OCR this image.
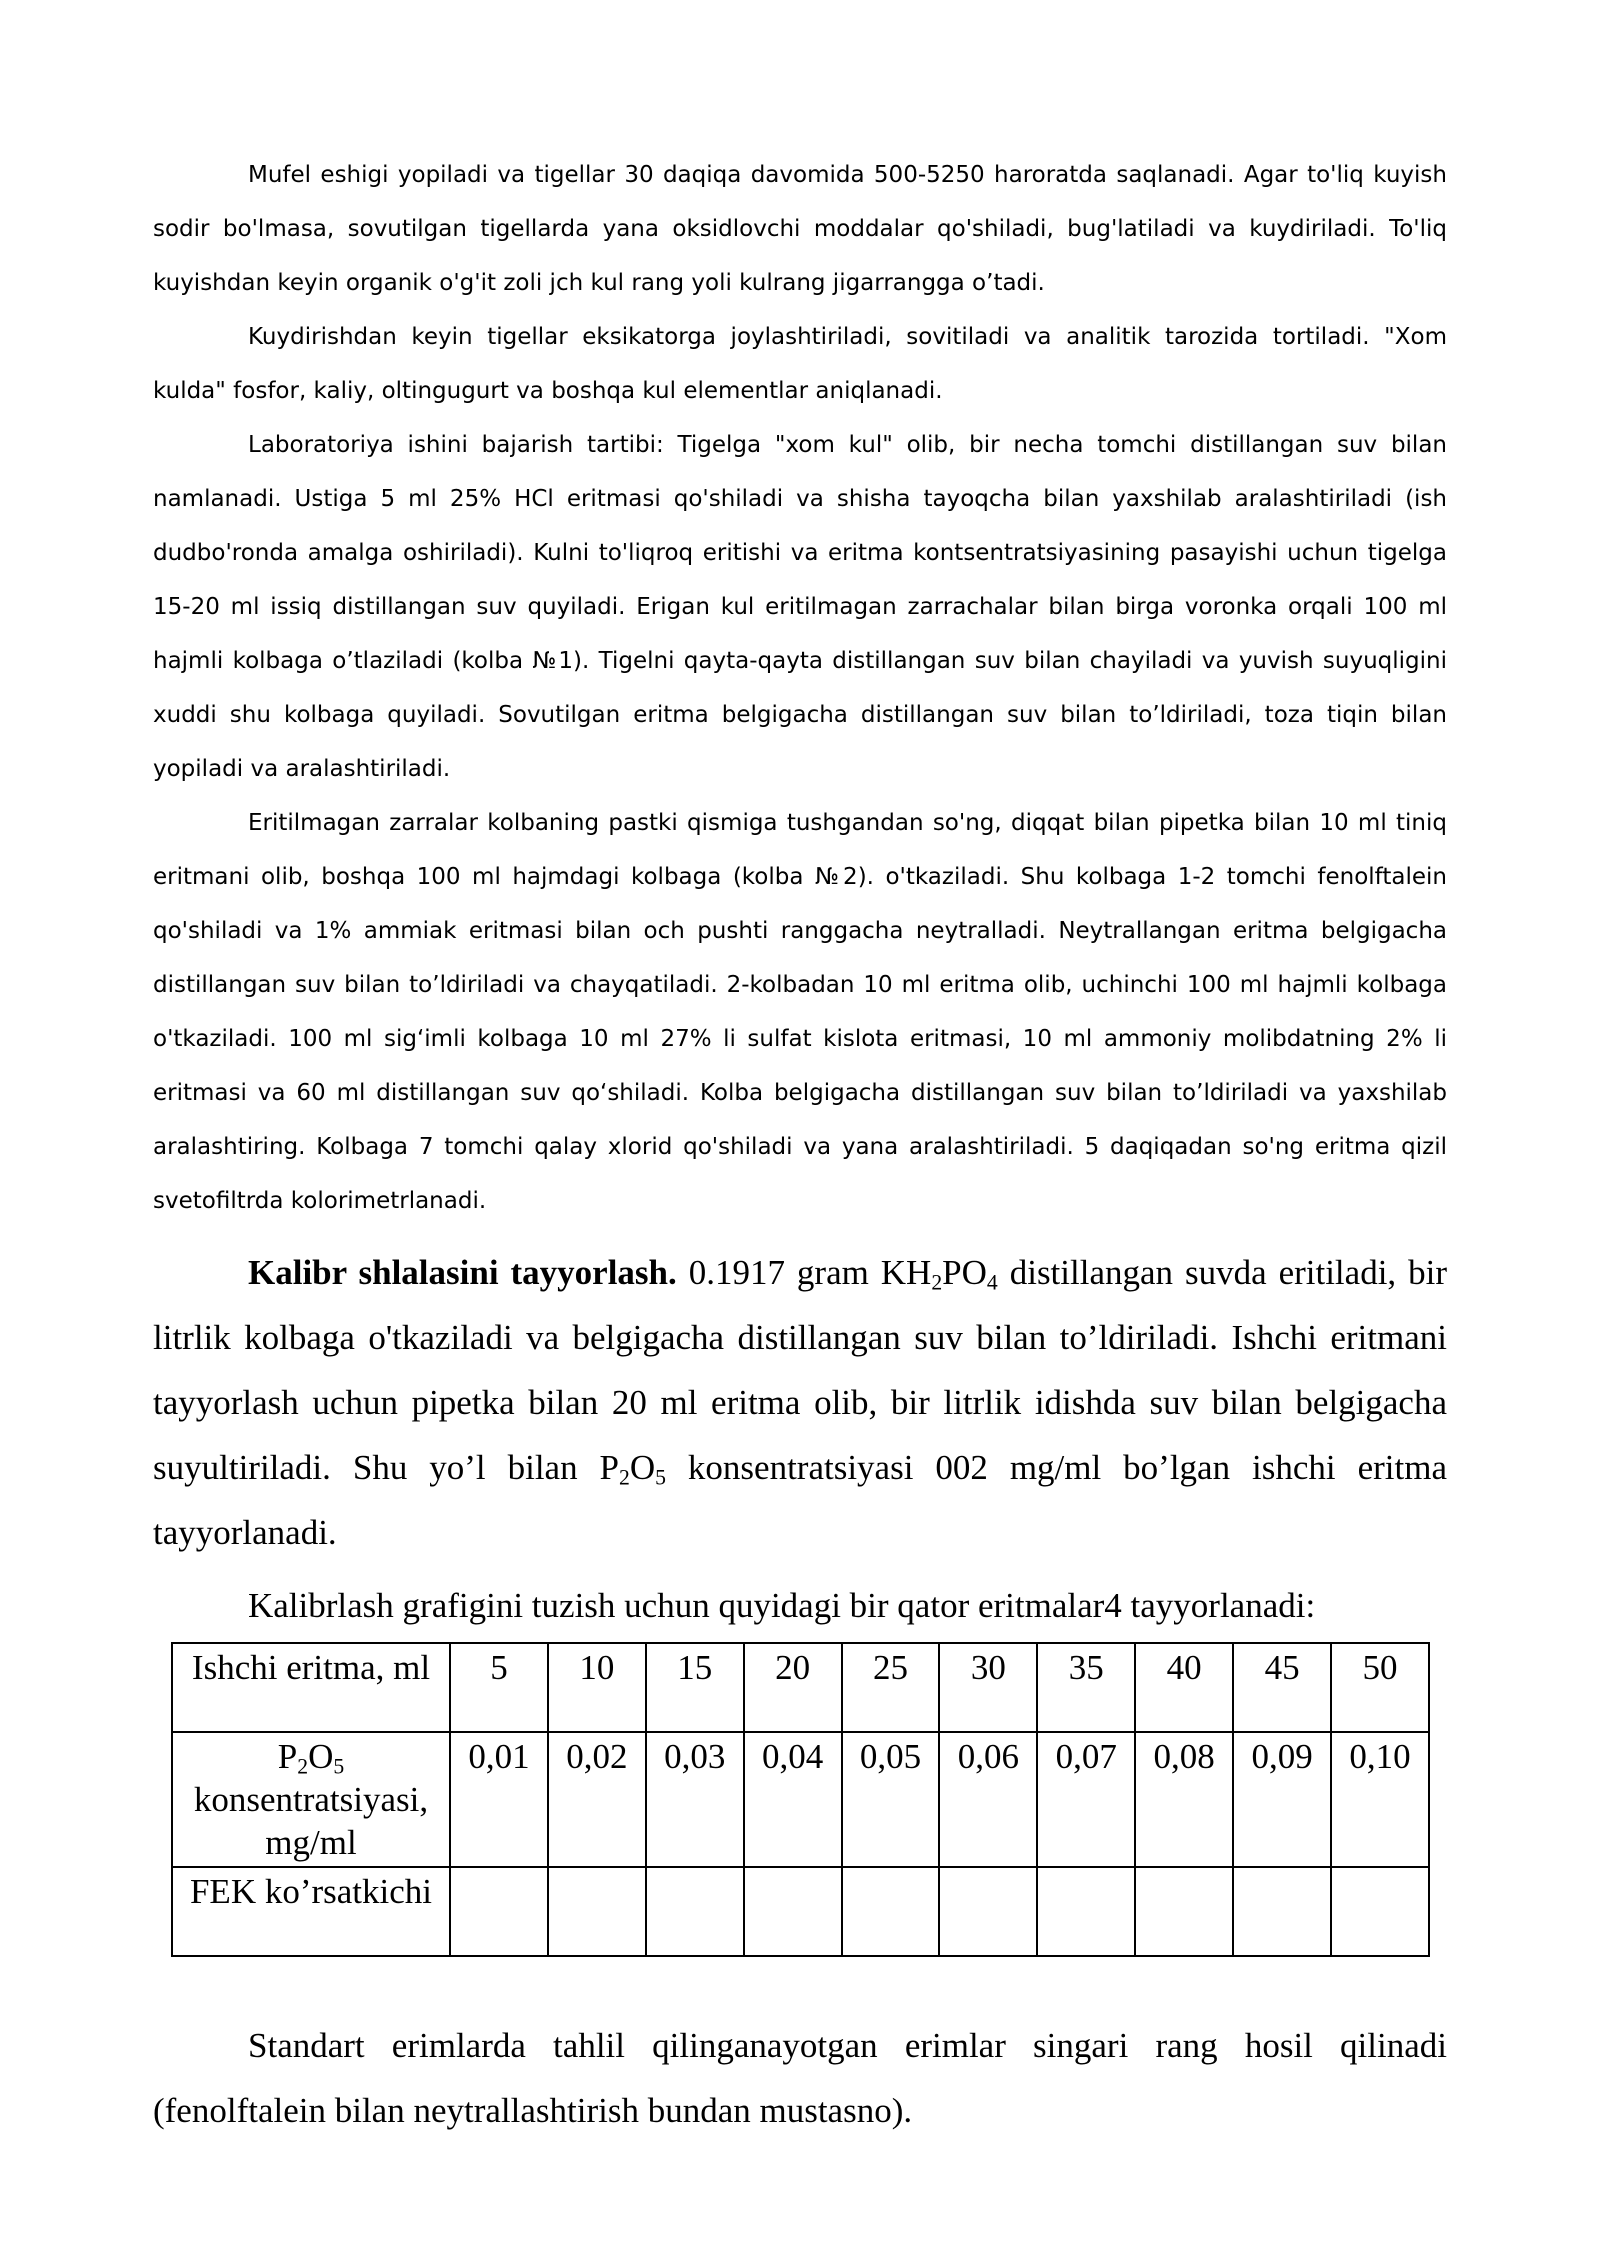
Mufel eshigi yopiladi va tigellar 30 daqiqa davomida 500-5250 haroratda saqlanadi. Agar to'liq kuyish sodir bo'lmasa, sovutilgan tigellarda yana oksidlovchi moddalar qo'shiladi, bug'latiladi va kuydiriladi. To'liq kuyishdan keyin organik o'g'it zoli jch kul rang yoli kulrang jigarrangga o’tadi.

Kuydirishdan keyin tigellar eksikatorga joylashtiriladi, sovitiladi va analitik tarozida tortiladi. "Xom kulda" fosfor, kaliy, oltingugurt va boshqa kul elementlar aniqlanadi.

Laboratoriya ishini bajarish tartibi: Tigelga "xom kul" olib, bir necha tomchi distillangan suv bilan namlanadi. Ustiga 5 ml 25% HCl eritmasi qo'shiladi va shisha tayoqcha bilan yaxshilab aralashtiriladi (ish dudbo'ronda amalga oshiriladi). Kulni to'liqroq eritishi va eritma kontsentratsiyasining pasayishi uchun tigelga 15-20 ml issiq distillangan suv quyiladi. Erigan kul eritilmagan zarrachalar bilan birga voronka orqali 100 ml hajmli kolbaga o’tlaziladi (kolba №1). Tigelni qayta-qayta distillangan suv bilan chayiladi va yuvish suyuqligini xuddi shu kolbaga quyiladi. Sovutilgan eritma belgigacha distillangan suv bilan to’ldiriladi, toza tiqin bilan yopiladi va aralashtiriladi.

Eritilmagan zarralar kolbaning pastki qismiga tushgandan so'ng, diqqat bilan pipetka bilan 10 ml tiniq eritmani olib, boshqa 100 ml hajmdagi kolbaga (kolba №2). o'tkaziladi. Shu kolbaga 1-2 tomchi fenolftalein qo'shiladi va 1% ammiak eritmasi bilan och pushti ranggacha neytralladi. Neytrallangan eritma belgigacha distillangan suv bilan to’ldiriladi va chayqatiladi. 2-kolbadan 10 ml eritma olib, uchinchi 100 ml hajmli kolbaga o'tkaziladi. 100 ml sig‘imli kolbaga 10 ml 27% li sulfat kislota eritmasi, 10 ml ammoniy molibdatning 2% li eritmasi va 60 ml distillangan suv qo‘shiladi. Kolba belgigacha distillangan suv bilan to’ldiriladi va yaxshilab aralashtiring. Kolbaga 7 tomchi qalay xlorid qo'shiladi va yana aralashtiriladi. 5 daqiqadan so'ng eritma qizil svetofiltrda kolorimetrlanadi.

Kalibr shlalasini tayyorlash. 0.1917 gram $KH_2PO_4$ distillangan suvda eritiladi, bir litrlik kolbaga o'tkaziladi va belgigacha distillangan suv bilan to’ldiriladi. Ishchi eritmani tayyorlash uchun pipetka bilan 20 ml eritma olib, bir litrlik idishda suv bilan belgigacha suyultiriladi. Shu yo’l bilan $P_2O_5$ konsentratsiyasi 002 mg/ml bo’lgan ishchi eritma tayyorlanadi.

Kalibrlash grafigini tuzish uchun quyidagi bir qator eritmalar4 tayyorlanadi:

Ishchi eritma, ml	5	10	15	20	25	30	35	40	45	50
$P_2O_5$ konsentratsiyasi, mg/ml	0,01	0,02	0,03	0,04	0,05	0,06	0,07	0,08	0,09	0,10
FEK ko’rsatkichi										

Standart erimlarda tahlil qilinganayotgan erimlar singari rang hosil qilinadi (fenolftalein bilan neytrallashtirish bundan mustasno).
